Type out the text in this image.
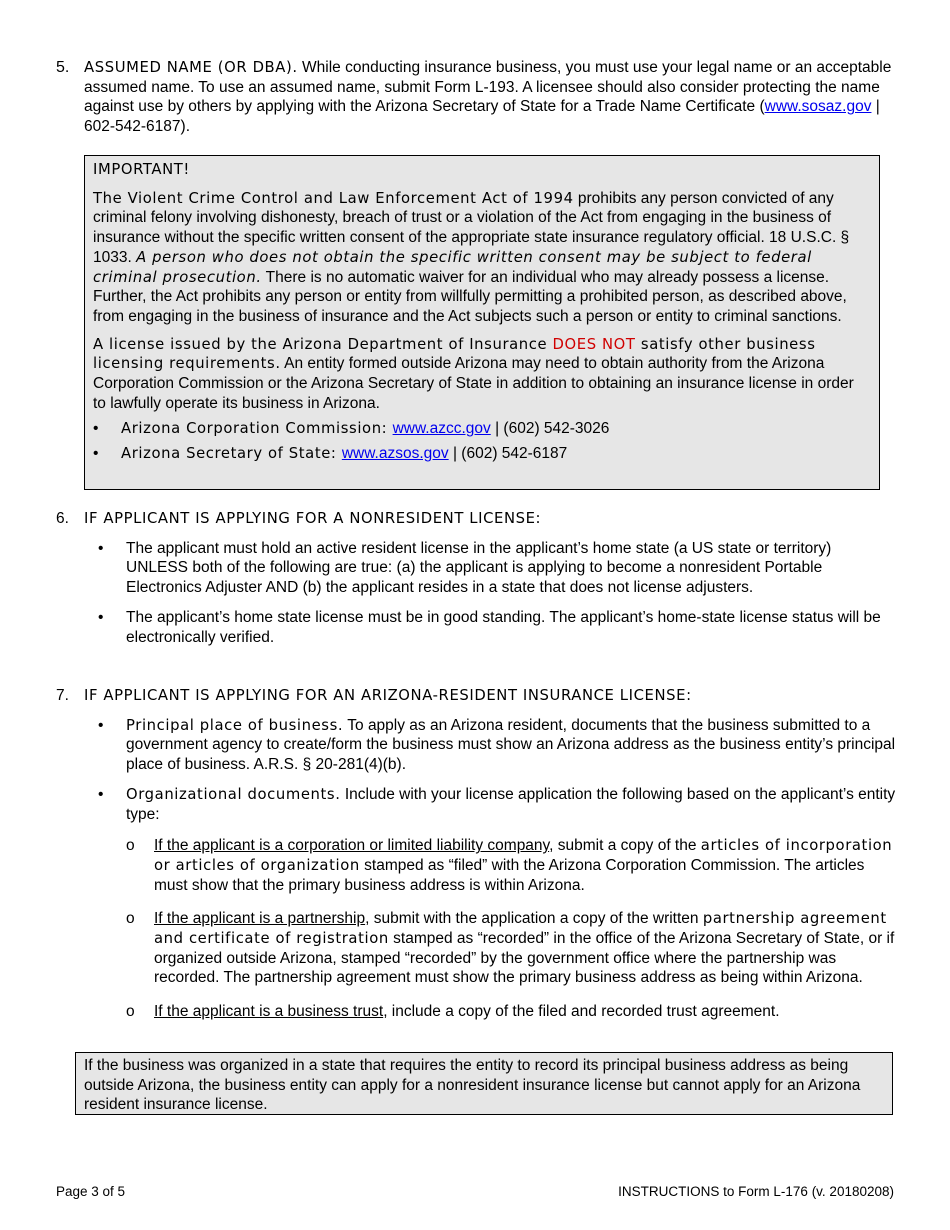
5. ASSUMED NAME (OR DBA). While conducting insurance business, you must use your legal name or an acceptable assumed name. To use an assumed name, submit Form L-193. A licensee should also consider protecting the name against use by others by applying with the Arizona Secretary of State for a Trade Name Certificate (www.sosaz.gov | 602-542-6187).

IMPORTANT!

The Violent Crime Control and Law Enforcement Act of 1994 prohibits any person convicted of any criminal felony involving dishonesty, breach of trust or a violation of the Act from engaging in the business of insurance without the specific written consent of the appropriate state insurance regulatory official. 18 U.S.C. § 1033. A person who does not obtain the specific written consent may be subject to federal criminal prosecution. There is no automatic waiver for an individual who may already possess a license. Further, the Act prohibits any person or entity from willfully permitting a prohibited person, as described above, from engaging in the business of insurance and the Act subjects such a person or entity to criminal sanctions.

A license issued by the Arizona Department of Insurance DOES NOT satisfy other business licensing requirements. An entity formed outside Arizona may need to obtain authority from the Arizona Corporation Commission or the Arizona Secretary of State in addition to obtaining an insurance license in order to lawfully operate its business in Arizona.

• Arizona Corporation Commission: www.azcc.gov | (602) 542-3026
• Arizona Secretary of State: www.azsos.gov | (602) 542-6187
6. IF APPLICANT IS APPLYING FOR A NONRESIDENT LICENSE:
• The applicant must hold an active resident license in the applicant’s home state (a US state or territory) UNLESS both of the following are true: (a) the applicant is applying to become a nonresident Portable Electronics Adjuster AND (b) the applicant resides in a state that does not license adjusters.
• The applicant’s home state license must be in good standing. The applicant’s home-state license status will be electronically verified.
7. IF APPLICANT IS APPLYING FOR AN ARIZONA-RESIDENT INSURANCE LICENSE:
• Principal place of business. To apply as an Arizona resident, documents that the business submitted to a government agency to create/form the business must show an Arizona address as the business entity’s principal place of business. A.R.S. § 20-281(4)(b).
• Organizational documents. Include with your license application the following based on the applicant’s entity type:
o If the applicant is a corporation or limited liability company, submit a copy of the articles of incorporation or articles of organization stamped as “filed” with the Arizona Corporation Commission. The articles must show that the primary business address is within Arizona.
o If the applicant is a partnership, submit with the application a copy of the written partnership agreement and certificate of registration stamped as “recorded” in the office of the Arizona Secretary of State, or if organized outside Arizona, stamped “recorded” by the government office where the partnership was recorded. The partnership agreement must show the primary business address as being within Arizona.
o If the applicant is a business trust, include a copy of the filed and recorded trust agreement.
If the business was organized in a state that requires the entity to record its principal business address as being outside Arizona, the business entity can apply for a nonresident insurance license but cannot apply for an Arizona resident insurance license.
Page 3 of 5	INSTRUCTIONS to Form L-176 (v. 20180208)
